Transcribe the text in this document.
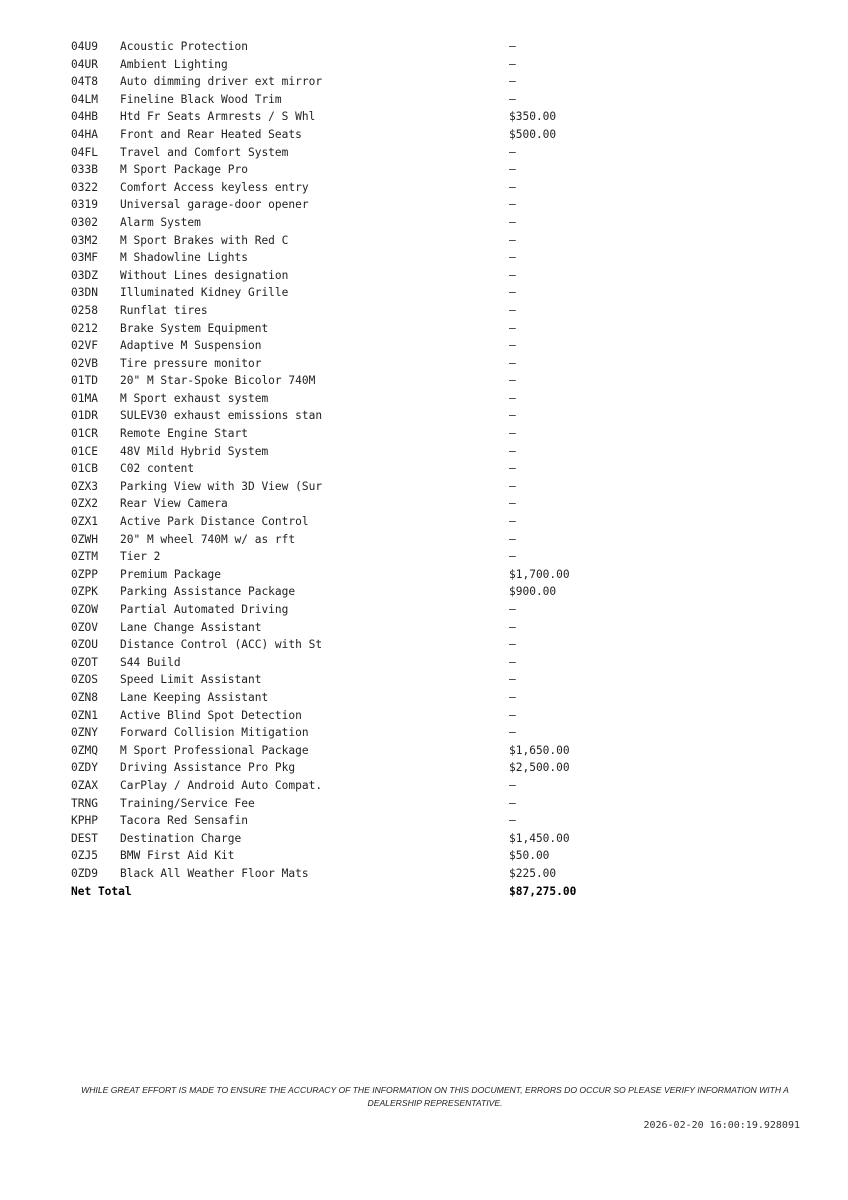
04U9	Acoustic Protection	—
04UR	Ambient Lighting	—
04T8	Auto dimming driver ext mirror	—
04LM	Fineline Black Wood Trim	—
04HB	Htd Fr Seats Armrests / S Whl	$350.00
04HA	Front and Rear Heated Seats	$500.00
04FL	Travel and Comfort System	—
033B	M Sport Package Pro	—
0322	Comfort Access keyless entry	—
0319	Universal garage-door opener	—
0302	Alarm System	—
03M2	M Sport Brakes with Red C	—
03MF	M Shadowline Lights	—
03DZ	Without Lines designation	—
03DN	Illuminated Kidney Grille	—
0258	Runflat tires	—
0212	Brake System Equipment	—
02VF	Adaptive M Suspension	—
02VB	Tire pressure monitor	—
01TD	20" M Star-Spoke Bicolor 740M	—
01MA	M Sport exhaust system	—
01DR	SULEV30 exhaust emissions stan	—
01CR	Remote Engine Start	—
01CE	48V Mild Hybrid System	—
01CB	C02 content	—
0ZX3	Parking View with 3D View (Sur	—
0ZX2	Rear View Camera	—
0ZX1	Active Park Distance Control	—
0ZWH	20" M wheel 740M w/ as rft	—
0ZTM	Tier 2	—
0ZPP	Premium Package	$1,700.00
0ZPK	Parking Assistance Package	$900.00
0ZOW	Partial Automated Driving	—
0ZOV	Lane Change Assistant	—
0ZOU	Distance Control (ACC) with St	—
0ZOT	S44 Build	—
0ZOS	Speed Limit Assistant	—
0ZN8	Lane Keeping Assistant	—
0ZN1	Active Blind Spot Detection	—
0ZNY	Forward Collision Mitigation	—
0ZMQ	M Sport Professional Package	$1,650.00
0ZDY	Driving Assistance Pro Pkg	$2,500.00
0ZAX	CarPlay / Android Auto Compat.	—
TRNG	Training/Service Fee	—
KPHP	Tacora Red Sensafin	—
DEST	Destination Charge	$1,450.00
0ZJ5	BMW First Aid Kit	$50.00
0ZD9	Black All Weather Floor Mats	$225.00
Net Total		$87,275.00
WHILE GREAT EFFORT IS MADE TO ENSURE THE ACCURACY OF THE INFORMATION ON THIS DOCUMENT, ERRORS DO OCCUR SO PLEASE VERIFY INFORMATION WITH A DEALERSHIP REPRESENTATIVE.
2026-02-20 16:00:19.928091
